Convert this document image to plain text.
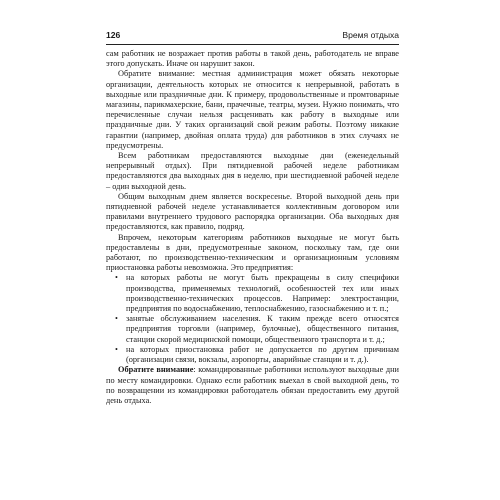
126	Время отдыха

сам работник не возражает против работы в такой день, работодатель не вправе этого допускать. Иначе он нарушит закон.

Обратите внимание: местная администрация может обязать некоторые организации, деятельность которых не относится к непрерывной, работать в выходные или праздничные дни. К примеру, продовольственные и промтоварные магазины, парикмахерские, бани, прачечные, театры, музеи. Нужно понимать, что перечисленные случаи нельзя расценивать как работу в выходные или праздничные дни. У таких организаций свой режим работы. Поэтому никакие гарантии (например, двойная оплата труда) для работников в этих случаях не предусмотрены.

Всем работникам предоставляются выходные дни (еженедельный непрерывный отдых). При пятидневной рабочей неделе работникам предоставляются два выходных дня в неделю, при шестидневной рабочей неделе – один выходной день.

Общим выходным днем является воскресенье. Второй выходной день при пятидневной рабочей неделе устанавливается коллективным договором или правилами внутреннего трудового распорядка организации. Оба выходных дня предоставляются, как правило, подряд.

Впрочем, некоторым категориям работников выходные не могут быть предоставлены в дни, предусмотренные законом, поскольку там, где они работают, по производственно-техническим и организационным условиям приостановка работы невозможна. Это предприятия:

• на которых работы не могут быть прекращены в силу специфики производства, применяемых технологий, особенностей тех или иных производственно-технических процессов. Например: электростанции, предприятия по водоснабжению, теплоснабжению, газоснабжению и т. п.;
• занятые обслуживанием населения. К таким прежде всего относятся предприятия торговли (например, булочные), общественного питания, станции скорой медицинской помощи, общественного транспорта и т. д.;
• на которых приостановка работ не допускается по другим причинам (организации связи, вокзалы, аэропорты, аварийные станции и т. д.).

Обратите внимание: командированные работники используют выходные дни по месту командировки. Однако если работник выехал в свой выходной день, то по возвращении из командировки работодатель обязан предоставить ему другой день отдыха.
